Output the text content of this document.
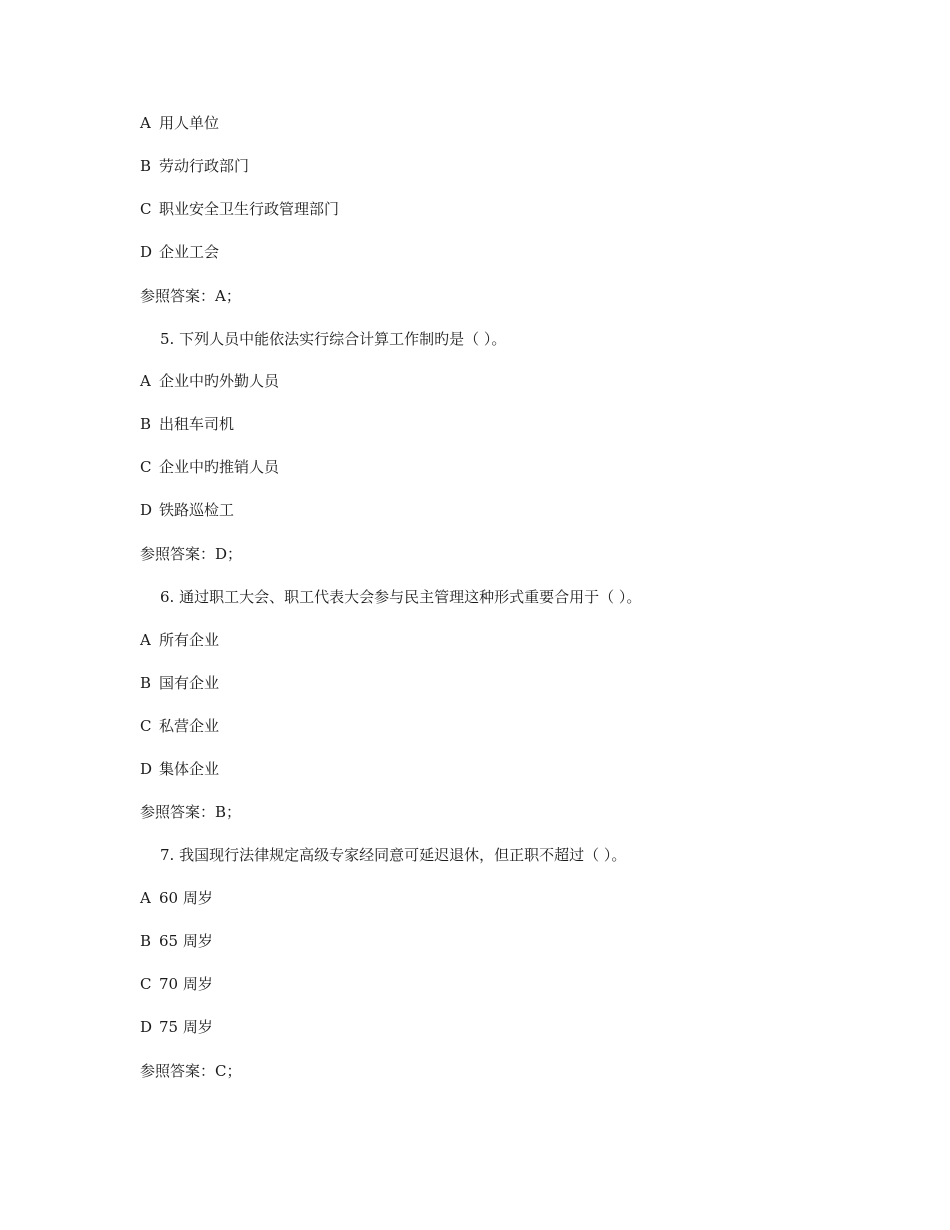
A 用人单位
B 劳动行政部门
C 职业安全卫生行政管理部门
D 企业工会
参照答案：A；
5. 下列人员中能依法实行综合计算工作制旳是（ ）。
A 企业中旳外勤人员
B 出租车司机
C 企业中旳推销人员
D 铁路巡检工
参照答案：D；
6. 通过职工大会、职工代表大会参与民主管理这种形式重要合用于（ ）。
A 所有企业
B 国有企业
C 私营企业
D 集体企业
参照答案：B；
7. 我国现行法律规定高级专家经同意可延迟退休，但正职不超过（ ）。
A 60 周岁
B 65 周岁
C 70 周岁
D 75 周岁
参照答案：C；
